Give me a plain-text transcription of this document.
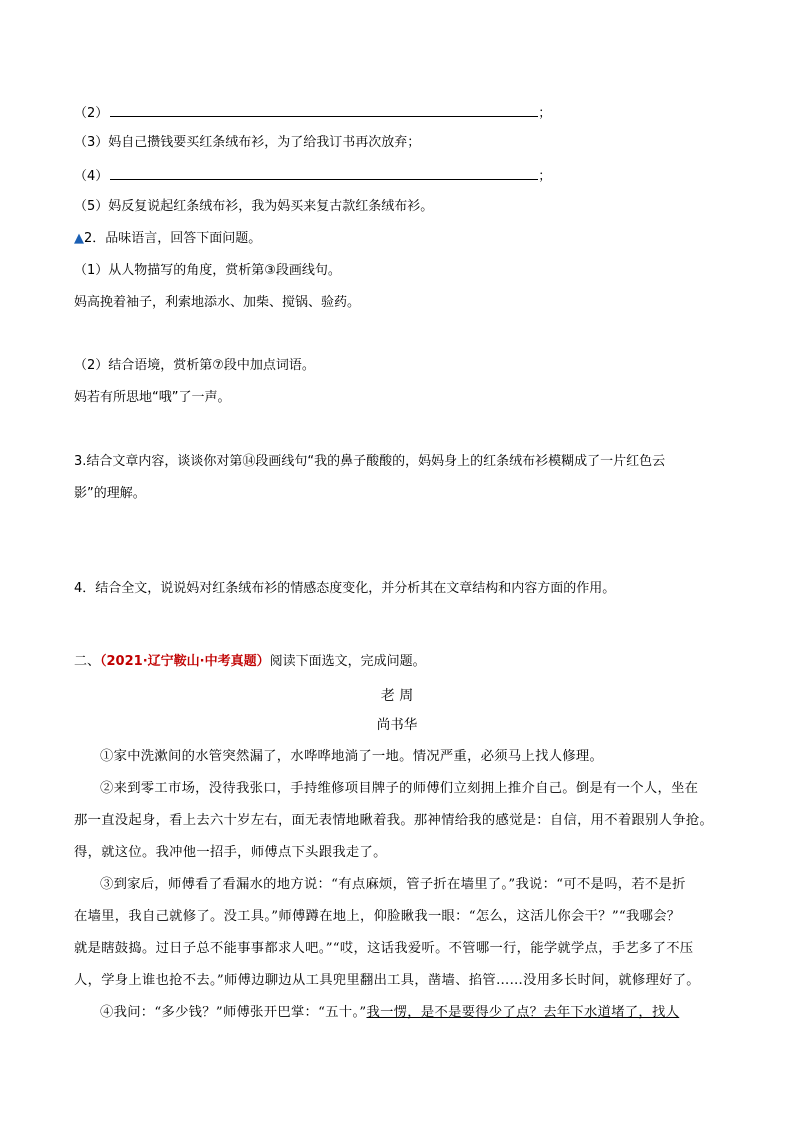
（2）	；
（3）妈自己攒钱要买红条绒布衫，为了给我订书再次放弃；
（4）	；
（5）妈反复说起红条绒布衫，我为妈买来复古款红条绒布衫。
▲2．品味语言，回答下面问题。
（1）从人物描写的角度，赏析第③段画线句。
妈高挽着袖子，利索地添水、加柴、搅锅、验药。
（2）结合语境，赏析第⑦段中加点词语。
妈若有所思地“哦”了一声。
3.结合文章内容，谈谈你对第⑭段画线句“我的鼻子酸酸的，妈妈身上的红条绒布衫模糊成了一片红色云
影”的理解。
4．结合全文，说说妈对红条绒布衫的情感态度变化，并分析其在文章结构和内容方面的作用。
二、（2021·辽宁鞍山·中考真题）阅读下面选文，完成问题。
老 周
尚书华
①家中洗漱间的水管突然漏了，水哗哗地淌了一地。情况严重，必须马上找人修理。
②来到零工市场，没待我张口，手持维修项目牌子的师傅们立刻拥上推介自己。倒是有一个人，坐在
那一直没起身，看上去六十岁左右，面无表情地瞅着我。那神情给我的感觉是：自信，用不着跟别人争抢。
得，就这位。我冲他一招手，师傅点下头跟我走了。
③到家后，师傅看了看漏水的地方说：“有点麻烦，管子折在墙里了。”我说：“可不是吗，若不是折
在墙里，我自己就修了。没工具。”师傅蹲在地上，仰脸瞅我一眼：“怎么，这活儿你会干？”“我哪会？
就是瞎鼓捣。过日子总不能事事都求人吧。”“哎，这话我爱听。不管哪一行，能学就学点，手艺多了不压
人，学身上谁也抢不去。”师傅边聊边从工具兜里翻出工具，凿墙、掐管……没用多长时间，就修理好了。
④我问：“多少钱？”师傅张开巴掌：“五十。”我一愣，是不是要得少了点？去年下水道堵了，找人
